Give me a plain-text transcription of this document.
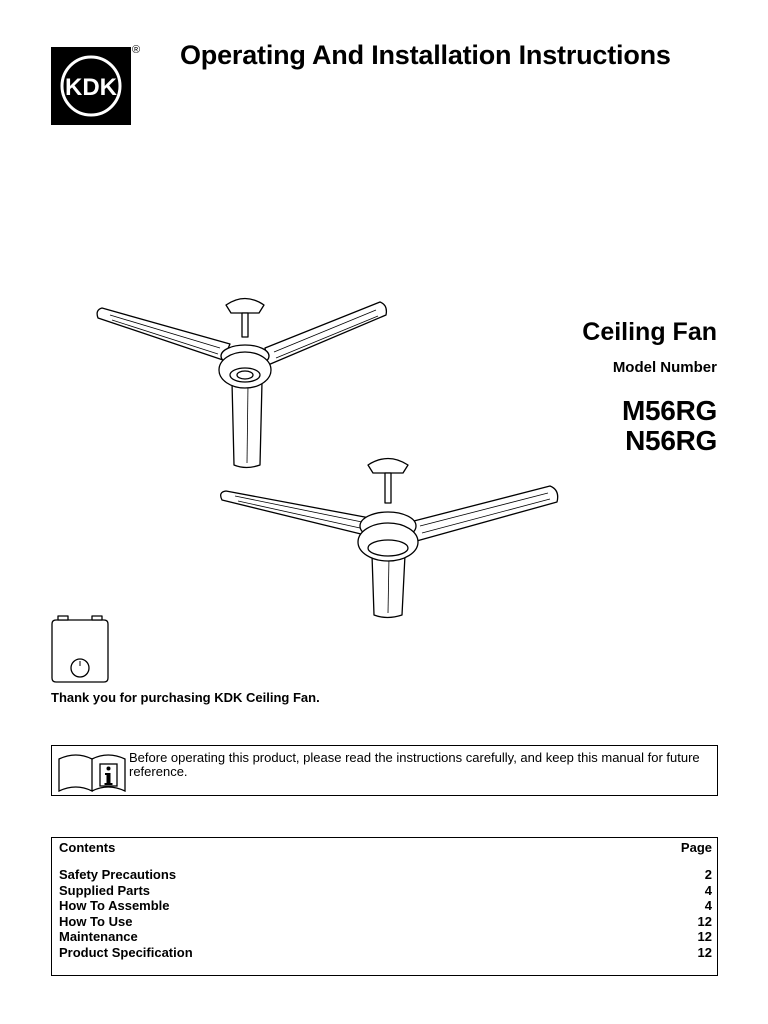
KDK
® Operating And Installation Instructions
Ceiling Fan
Model Number
M56RG
N56RG
Thank you for purchasing KDK Ceiling Fan.
Before operating this product, please read the instructions carefully, and keep this manual for future reference.
Contents	Page
Safety Precautions	2
Supplied Parts	4
How To Assemble	4
How To Use	12
Maintenance	12
Product Specification	12
